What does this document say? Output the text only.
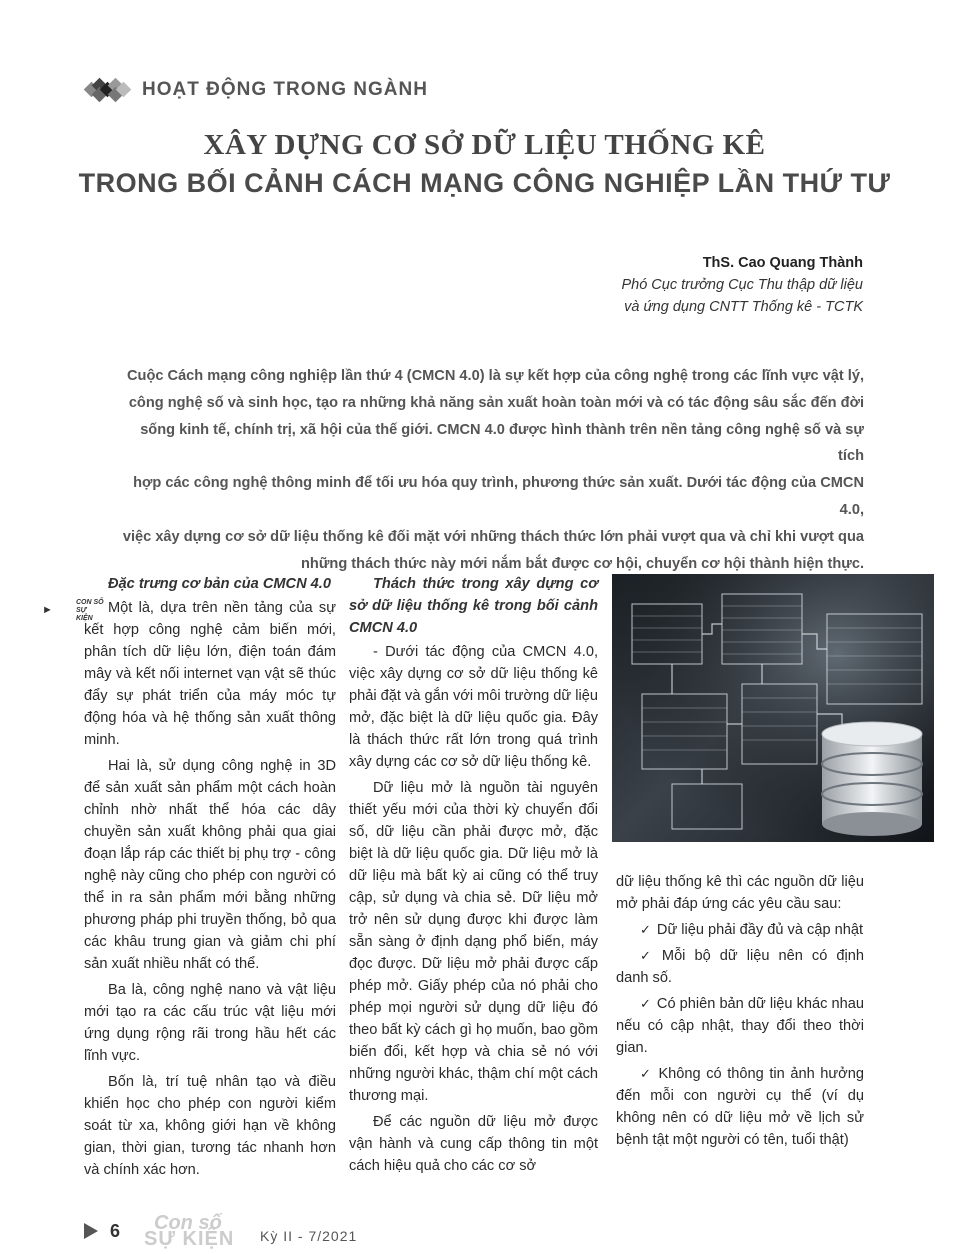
HOẠT ĐỘNG TRONG NGÀNH
XÂY DỰNG CƠ SỞ DỮ LIỆU THỐNG KÊ
TRONG BỐI CẢNH CÁCH MẠNG CÔNG NGHIỆP LẦN THỨ TƯ
ThS. Cao Quang Thành
Phó Cục trưởng Cục Thu thập dữ liệu
và ứng dụng CNTT Thống kê - TCTK
Cuộc Cách mạng công nghiệp lần thứ 4 (CMCN 4.0) là sự kết hợp của công nghệ trong các lĩnh vực vật lý,
công nghệ số và sinh học, tạo ra những khả năng sản xuất hoàn toàn mới và có tác động sâu sắc đến đời
sống kinh tế, chính trị, xã hội của thế giới. CMCN 4.0 được hình thành trên nền tảng công nghệ số và sự tích
hợp các công nghệ thông minh để tối ưu hóa quy trình, phương thức sản xuất. Dưới tác động của CMCN 4.0,
việc xây dựng cơ sở dữ liệu thống kê đối mặt với những thách thức lớn phải vượt qua và chỉ khi vượt qua
những thách thức này mới nắm bắt được cơ hội, chuyển cơ hội thành hiện thực.
►
CON SỐ SỰ KIỆN

Đặc trưng cơ bản của CMCN 4.0

Một là, dựa trên nền tảng của sự kết hợp công nghệ cảm biến mới, phân tích dữ liệu lớn, điện toán đám mây và kết nối internet vạn vật sẽ thúc đẩy sự phát triển của máy móc tự động hóa và hệ thống sản xuất thông minh.

Hai là, sử dụng công nghệ in 3D để sản xuất sản phẩm một cách hoàn chỉnh nhờ nhất thể hóa các dây chuyền sản xuất không phải qua giai đoạn lắp ráp các thiết bị phụ trợ - công nghệ này cũng cho phép con người có thể in ra sản phẩm mới bằng những phương pháp phi truyền thống, bỏ qua các khâu trung gian và giảm chi phí sản xuất nhiều nhất có thể.

Ba là, công nghệ nano và vật liệu mới tạo ra các cấu trúc vật liệu mới ứng dụng rộng rãi trong hầu hết các lĩnh vực.

Bốn là, trí tuệ nhân tạo và điều khiển học cho phép con người kiểm soát từ xa, không giới hạn về không gian, thời gian, tương tác nhanh hơn và chính xác hơn.

Thách thức trong xây dựng cơ sở dữ liệu thống kê trong bối cảnh CMCN 4.0

- Dưới tác động của CMCN 4.0, việc xây dựng cơ sở dữ liệu thống kê phải đặt và gắn với môi trường dữ liệu mở, đặc biệt là dữ liệu quốc gia. Đây là thách thức rất lớn trong quá trình xây dựng các cơ sở dữ liệu thống kê.

Dữ liệu mở là nguồn tài nguyên thiết yếu mới của thời kỳ chuyển đổi số, dữ liệu cần phải được mở, đặc biệt là dữ liệu quốc gia. Dữ liệu mở là dữ liệu mà bất kỳ ai cũng có thể truy cập, sử dụng và chia sẻ. Dữ liệu mở trở nên sử dụng được khi được làm sẵn sàng ở định dạng phổ biến, máy đọc được. Dữ liệu mở phải được cấp phép mở. Giấy phép của nó phải cho phép mọi người sử dụng dữ liệu đó theo bất kỳ cách gì họ muốn, bao gồm biến đổi, kết hợp và chia sẻ nó với những người khác, thậm chí một cách thương mại.

Để các nguồn dữ liệu mở được vận hành và cung cấp thông tin một cách hiệu quả cho các cơ sở

dữ liệu thống kê thì các nguồn dữ liệu mở phải đáp ứng các yêu cầu sau:

✓ Dữ liệu phải đầy đủ và cập nhật

✓ Mỗi bộ dữ liệu nên có định danh số.

✓ Có phiên bản dữ liệu khác nhau nếu có cập nhật, thay đổi theo thời gian.

✓ Không có thông tin ảnh hưởng đến mỗi con người cụ thể (ví dụ không nên có dữ liệu mở về lịch sử bệnh tật một người có tên, tuổi thật)

6 Con số
SỰ KIỆN Kỳ II - 7/2021
